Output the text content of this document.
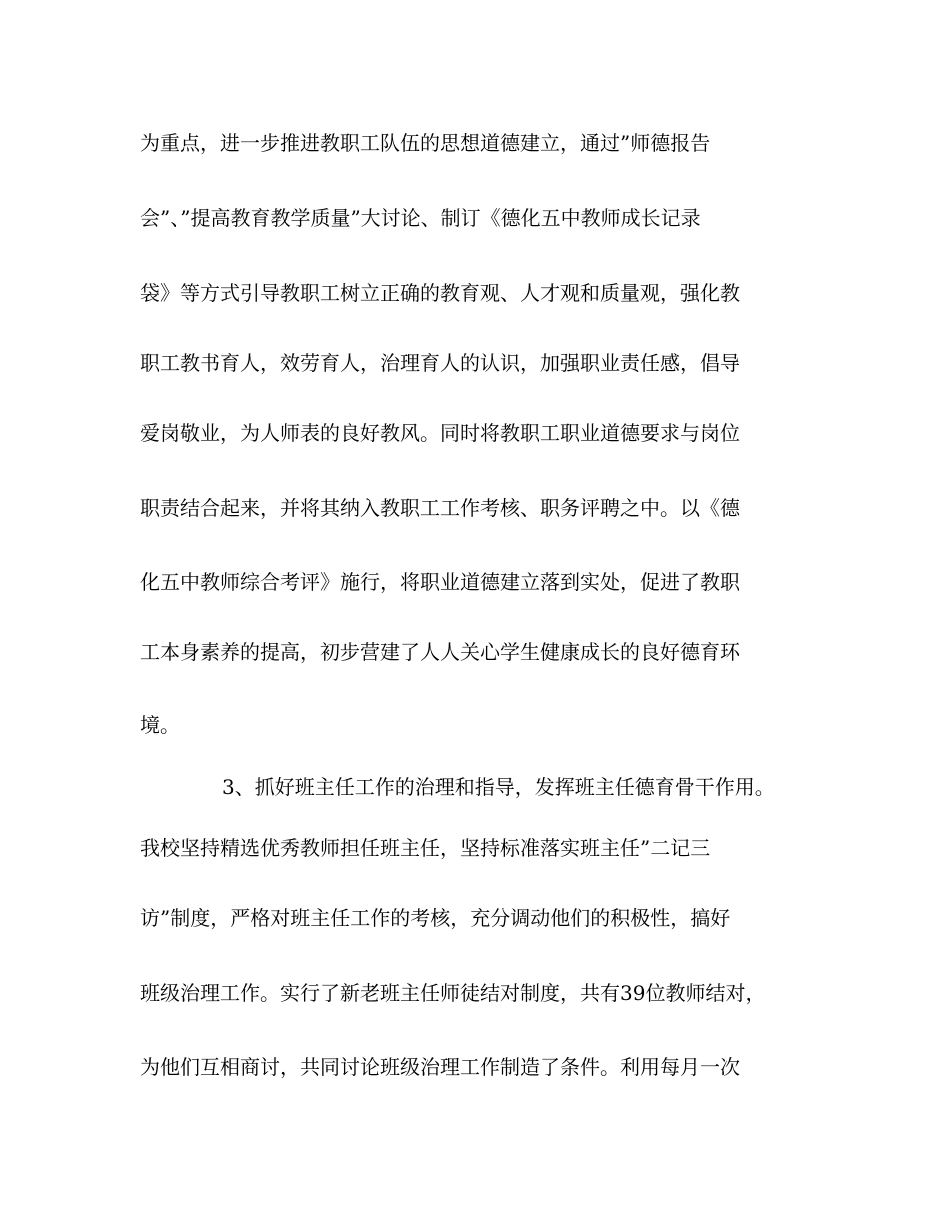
为重点，进一步推进教职工队伍的思想道德建立，通过”师德报告
会”、”提高教育教学质量”大讨论、制订《德化五中教师成长记录
袋》等方式引导教职工树立正确的教育观、人才观和质量观，强化教
职工教书育人，效劳育人，治理育人的认识，加强职业责任感，倡导
爱岗敬业，为人师表的良好教风。同时将教职工职业道德要求与岗位
职责结合起来，并将其纳入教职工工作考核、职务评聘之中。以《德
化五中教师综合考评》施行，将职业道德建立落到实处，促进了教职
工本身素养的提高，初步营建了人人关心学生健康成长的良好德育环
境。
3、抓好班主任工作的治理和指导，发挥班主任德育骨干作用。
我校坚持精选优秀教师担任班主任，坚持标准落实班主任”二记三
访”制度，严格对班主任工作的考核，充分调动他们的积极性，搞好
班级治理工作。实行了新老班主任师徒结对制度，共有39位教师结对，
为他们互相商讨，共同讨论班级治理工作制造了条件。利用每月一次
